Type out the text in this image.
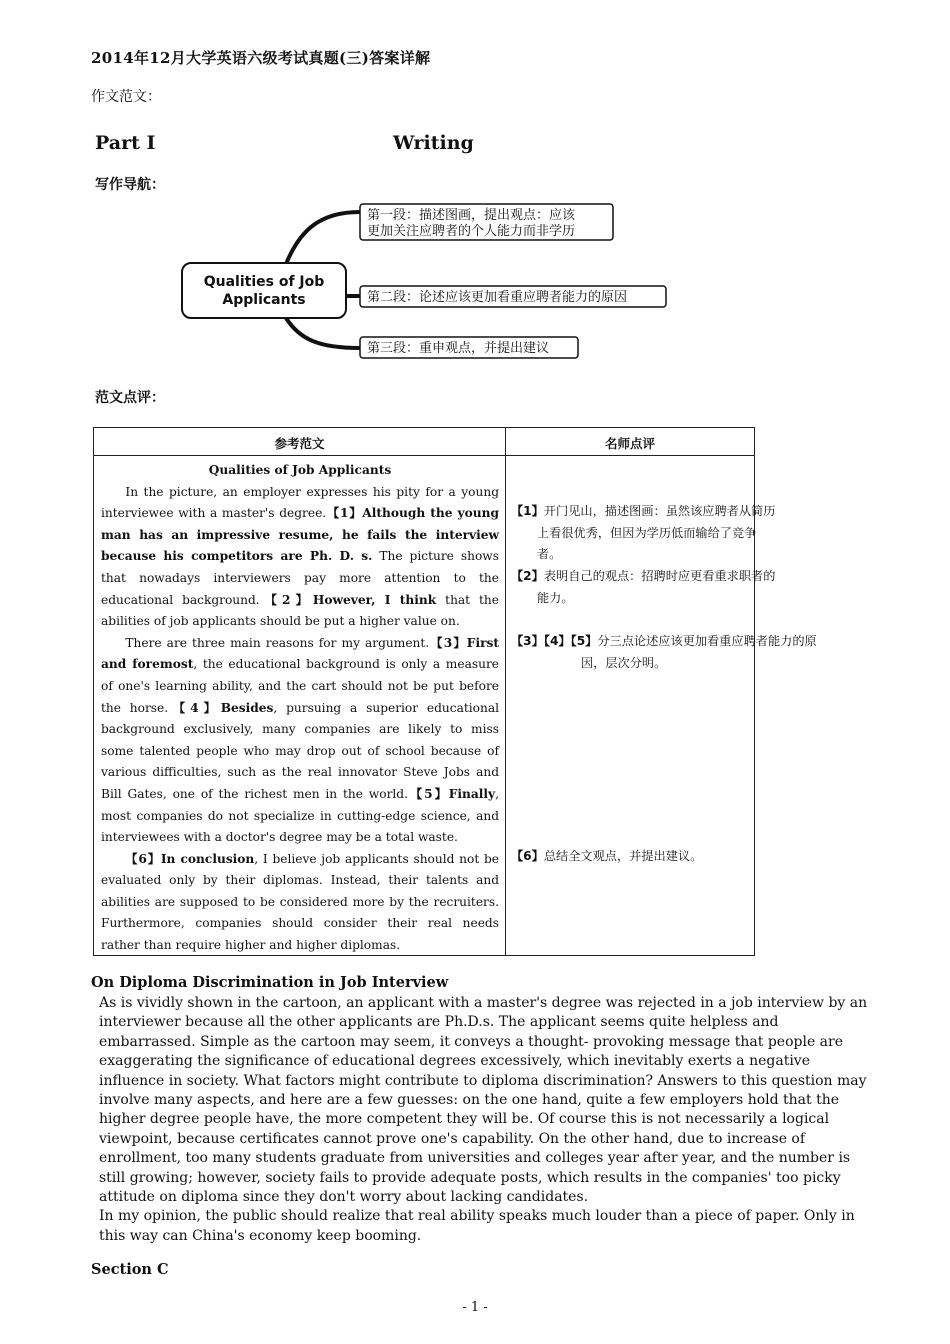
2014年12月大学英语六级考试真题(三)答案详解
作文范文：
Part Ⅰ	Writing
写作导航：
Qualities of Job
Applicants
第一段：描述图画，提出观点：应该
更加关注应聘者的个人能力而非学历
第二段：论述应该更加看重应聘者能力的原因
第三段：重申观点，并提出建议
范文点评：
参考范文	名师点评

Qualities of Job Applicants

In the picture, an employer expresses his pity for a young interviewee with a master's degree.【1】Although the young man has an impressive resume, he fails the interview because his competitors are Ph. D. s. The picture shows that nowadays interviewers pay more attention to the educational background.【2】However, I think that the abilities of job applicants should be put a higher value on.

There are three main reasons for my argument.【3】First and foremost, the educational background is only a measure of one's learning ability, and the cart should not be put before the horse.【4】Besides, pursuing a superior educational background exclusively, many companies are likely to miss some talented people who may drop out of school because of various difficulties, such as the real innovator Steve Jobs and Bill Gates, one of the richest men in the world.【5】Finally, most companies do not specialize in cutting-edge science, and interviewees with a doctor's degree may be a total waste.

【6】In conclusion, I believe job applicants should not be evaluated only by their diplomas. Instead, their talents and abilities are supposed to be considered more by the recruiters. Furthermore, companies should consider their real needs rather than require higher and higher diplomas.

【1】开门见山，描述图画：虽然该应聘者从简历上看很优秀，但因为学历低而输给了竞争者。
【2】表明自己的观点：招聘时应更看重求职者的能力。
【3】【4】【5】分三点论述应该更加看重应聘者能力的原因，层次分明。
【6】总结全文观点，并提出建议。
On Diploma Discrimination in Job Interview

As is vividly shown in the cartoon, an applicant with a master's degree was rejected in a job interview by an interviewer because all the other applicants are Ph.D.s. The applicant seems quite helpless and embarrassed. Simple as the cartoon may seem, it conveys a thought- provoking message that people are exaggerating the significance of educational degrees excessively, which inevitably exerts a negative influence in society. What factors might contribute to diploma discrimination? Answers to this question may involve many aspects, and here are a few guesses: on the one hand, quite a few employers hold that the higher degree people have, the more competent they will be. Of course this is not necessarily a logical viewpoint, because certificates cannot prove one's capability. On the other hand, due to increase of enrollment, too many students graduate from universities and colleges year after year, and the number is still growing; however, society fails to provide adequate posts, which results in the companies' too picky attitude on diploma since they don't worry about lacking candidates.

In my opinion, the public should realize that real ability speaks much louder than a piece of paper. Only in this way can China's economy keep booming.

Section C
- 1 -
